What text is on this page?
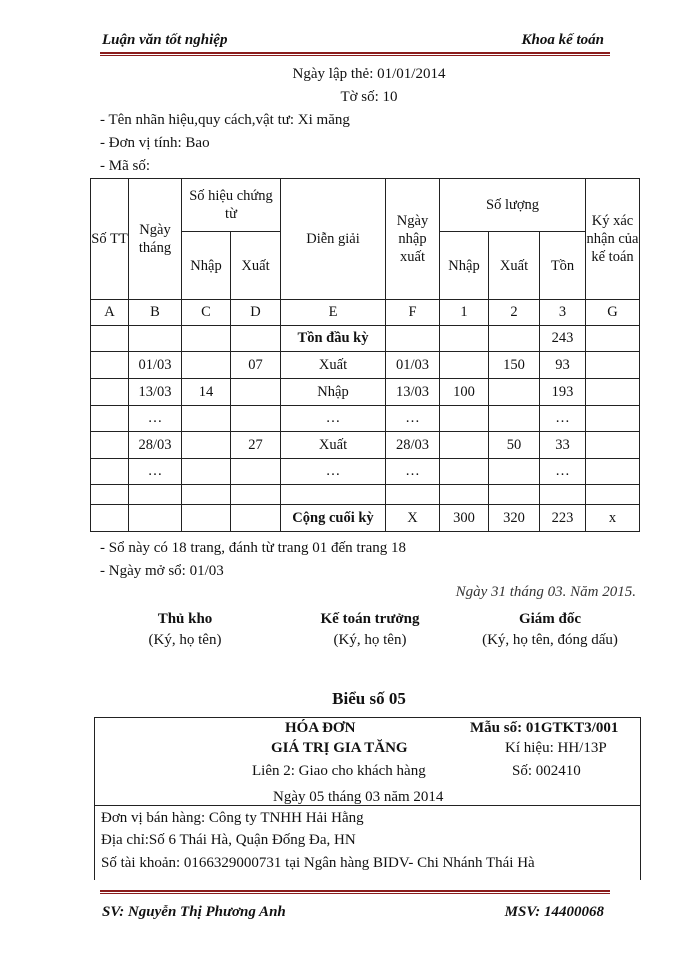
Luận văn tốt nghiệp	Khoa kế toán
Ngày lập thẻ: 01/01/2014
Tờ số: 10
- Tên nhãn hiệu,quy cách,vật tư: Xi măng
- Đơn vị tính: Bao
- Mã số:
Số TT	Ngày tháng	Số hiệu chứng từ		Diễn giải	Ngày nhập xuất	Số lượng			Ký xác nhận của kế toán
		Nhập	Xuất			Nhập	Xuất	Tồn	
A	B	C	D	E	F	1	2	3	G
				Tồn đầu kỳ				243	
	01/03		07	Xuất	01/03		150	93	
	13/03	14		Nhập	13/03	100		193	
	…			…	…			…	
	28/03		27	Xuất	28/03		50	33	
	…			…	…			…	

				Cộng cuối kỳ	X	300	320	223	x
- Sổ này có 18 trang, đánh từ trang 01 đến trang 18
- Ngày mở sổ: 01/03
Ngày 31 tháng 03. Năm 2015.
Thủ kho
(Ký, họ tên)
Kế toán trưởng
(Ký, họ tên)
Giám đốc
(Ký, họ tên, đóng dấu)
Biểu số 05
HÓA ĐƠN
GIÁ TRỊ GIA TĂNG
Liên 2: Giao cho khách hàng
Ngày 05 tháng 03 năm 2014
Mẫu số: 01GTKT3/001
Kí hiệu: HH/13P
Số: 002410
Đơn vị bán hàng: Công ty TNHH Hải Hằng
Địa chỉ:Số 6 Thái Hà, Quận Đống Đa, HN
Số tài khoản: 0166329000731 tại Ngân hàng BIDV- Chi Nhánh Thái Hà
SV: Nguyễn Thị Phương Anh	MSV: 14400068
